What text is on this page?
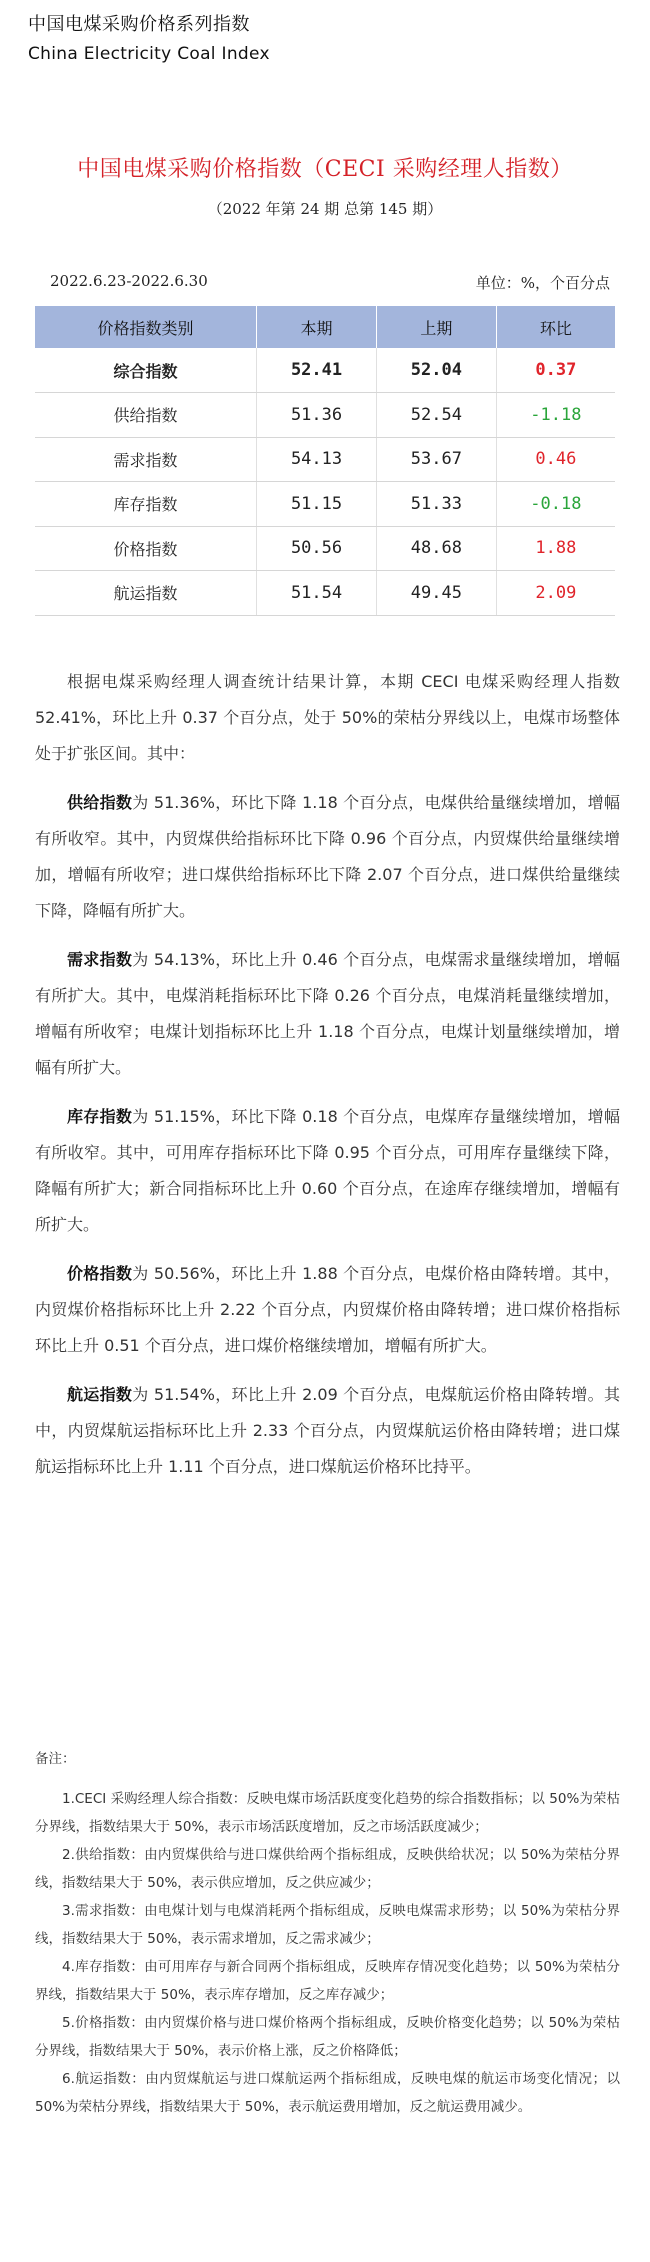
中国电煤采购价格系列指数
China Electricity Coal Index
中国电煤采购价格指数（CECI 采购经理人指数）
（2022 年第 24 期 总第 145 期）
2022.6.23-2022.6.30	单位：%，个百分点
价格指数类别	本期	上期	环比
综合指数	52.41	52.04	0.37
供给指数	51.36	52.54	-1.18
需求指数	54.13	53.67	0.46
库存指数	51.15	51.33	-0.18
价格指数	50.56	48.68	1.88
航运指数	51.54	49.45	2.09

根据电煤采购经理人调查统计结果计算，本期 CECI 电煤采购经理人指数 52.41%，环比上升 0.37 个百分点，处于 50%的荣枯分界线以上，电煤市场整体处于扩张区间。其中：

供给指数为 51.36%，环比下降 1.18 个百分点，电煤供给量继续增加，增幅有所收窄。其中，内贸煤供给指标环比下降 0.96 个百分点，内贸煤供给量继续增加，增幅有所收窄；进口煤供给指标环比下降 2.07 个百分点，进口煤供给量继续下降，降幅有所扩大。

需求指数为 54.13%，环比上升 0.46 个百分点，电煤需求量继续增加，增幅有所扩大。其中，电煤消耗指标环比下降 0.26 个百分点，电煤消耗量继续增加，增幅有所收窄；电煤计划指标环比上升 1.18 个百分点，电煤计划量继续增加，增幅有所扩大。

库存指数为 51.15%，环比下降 0.18 个百分点，电煤库存量继续增加，增幅有所收窄。其中，可用库存指标环比下降 0.95 个百分点，可用库存量继续下降，降幅有所扩大；新合同指标环比上升 0.60 个百分点，在途库存继续增加，增幅有所扩大。

价格指数为 50.56%，环比上升 1.88 个百分点，电煤价格由降转增。其中，内贸煤价格指标环比上升 2.22 个百分点，内贸煤价格由降转增；进口煤价格指标环比上升 0.51 个百分点，进口煤价格继续增加，增幅有所扩大。

航运指数为 51.54%，环比上升 2.09 个百分点，电煤航运价格由降转增。其中，内贸煤航运指标环比上升 2.33 个百分点，内贸煤航运价格由降转增；进口煤航运指标环比上升 1.11 个百分点，进口煤航运价格环比持平。

备注：

1.CECI 采购经理人综合指数：反映电煤市场活跃度变化趋势的综合指数指标；以 50%为荣枯分界线，指数结果大于 50%，表示市场活跃度增加，反之市场活跃度减少；

2.供给指数：由内贸煤供给与进口煤供给两个指标组成，反映供给状况；以 50%为荣枯分界线，指数结果大于 50%，表示供应增加，反之供应减少；

3.需求指数：由电煤计划与电煤消耗两个指标组成，反映电煤需求形势；以 50%为荣枯分界线，指数结果大于 50%，表示需求增加，反之需求减少；

4.库存指数：由可用库存与新合同两个指标组成，反映库存情况变化趋势；以 50%为荣枯分界线，指数结果大于 50%，表示库存增加，反之库存减少；

5.价格指数：由内贸煤价格与进口煤价格两个指标组成，反映价格变化趋势；以 50%为荣枯分界线，指数结果大于 50%，表示价格上涨，反之价格降低；

6.航运指数：由内贸煤航运与进口煤航运两个指标组成，反映电煤的航运市场变化情况；以 50%为荣枯分界线，指数结果大于 50%，表示航运费用增加，反之航运费用减少。
